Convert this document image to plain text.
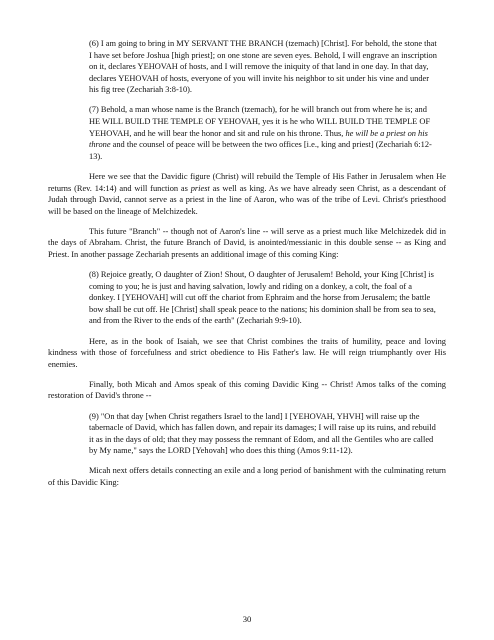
(6) I am going to bring in MY SERVANT THE BRANCH (tzemach) [Christ]. For behold, the stone that I have set before Joshua [high priest]; on one stone are seven eyes. Behold, I will engrave an inscription on it, declares YEHOVAH of hosts, and I will remove the iniquity of that land in one day. In that day, declares YEHOVAH of hosts, everyone of you will invite his neighbor to sit under his vine and under his fig tree (Zechariah 3:8-10).
(7) Behold, a man whose name is the Branch (tzemach), for he will branch out from where he is; and HE WILL BUILD THE TEMPLE OF YEHOVAH, yes it is he who WILL BUILD THE TEMPLE OF YEHOVAH, and he will bear the honor and sit and rule on his throne. Thus, he will be a priest on his throne and the counsel of peace will be between the two offices [i.e., king and priest] (Zechariah 6:12-13).
Here we see that the Davidic figure (Christ) will rebuild the Temple of His Father in Jerusalem when He returns (Rev. 14:14) and will function as priest as well as king. As we have already seen Christ, as a descendant of Judah through David, cannot serve as a priest in the line of Aaron, who was of the tribe of Levi. Christ's priesthood will be based on the lineage of Melchizedek.
This future "Branch" -- though not of Aaron's line -- will serve as a priest much like Melchizedek did in the days of Abraham. Christ, the future Branch of David, is anointed/messianic in this double sense -- as King and Priest. In another passage Zechariah presents an additional image of this coming King:
(8) Rejoice greatly, O daughter of Zion! Shout, O daughter of Jerusalem! Behold, your King [Christ] is coming to you; he is just and having salvation, lowly and riding on a donkey, a colt, the foal of a donkey. I [YEHOVAH] will cut off the chariot from Ephraim and the horse from Jerusalem; the battle bow shall be cut off. He [Christ] shall speak peace to the nations; his dominion shall be from sea to sea, and from the River to the ends of the earth" (Zechariah 9:9-10).
Here, as in the book of Isaiah, we see that Christ combines the traits of humility, peace and loving kindness with those of forcefulness and strict obedience to His Father's law. He will reign triumphantly over His enemies.
Finally, both Micah and Amos speak of this coming Davidic King -- Christ! Amos talks of the coming restoration of David's throne --
(9) "On that day [when Christ regathers Israel to the land] I [YEHOVAH, YHVH] will raise up the tabernacle of David, which has fallen down, and repair its damages; I will raise up its ruins, and rebuild it as in the days of old; that they may possess the remnant of Edom, and all the Gentiles who are called by My name," says the LORD [Yehovah] who does this thing (Amos 9:11-12).
Micah next offers details connecting an exile and a long period of banishment with the culminating return of this Davidic King:
30
